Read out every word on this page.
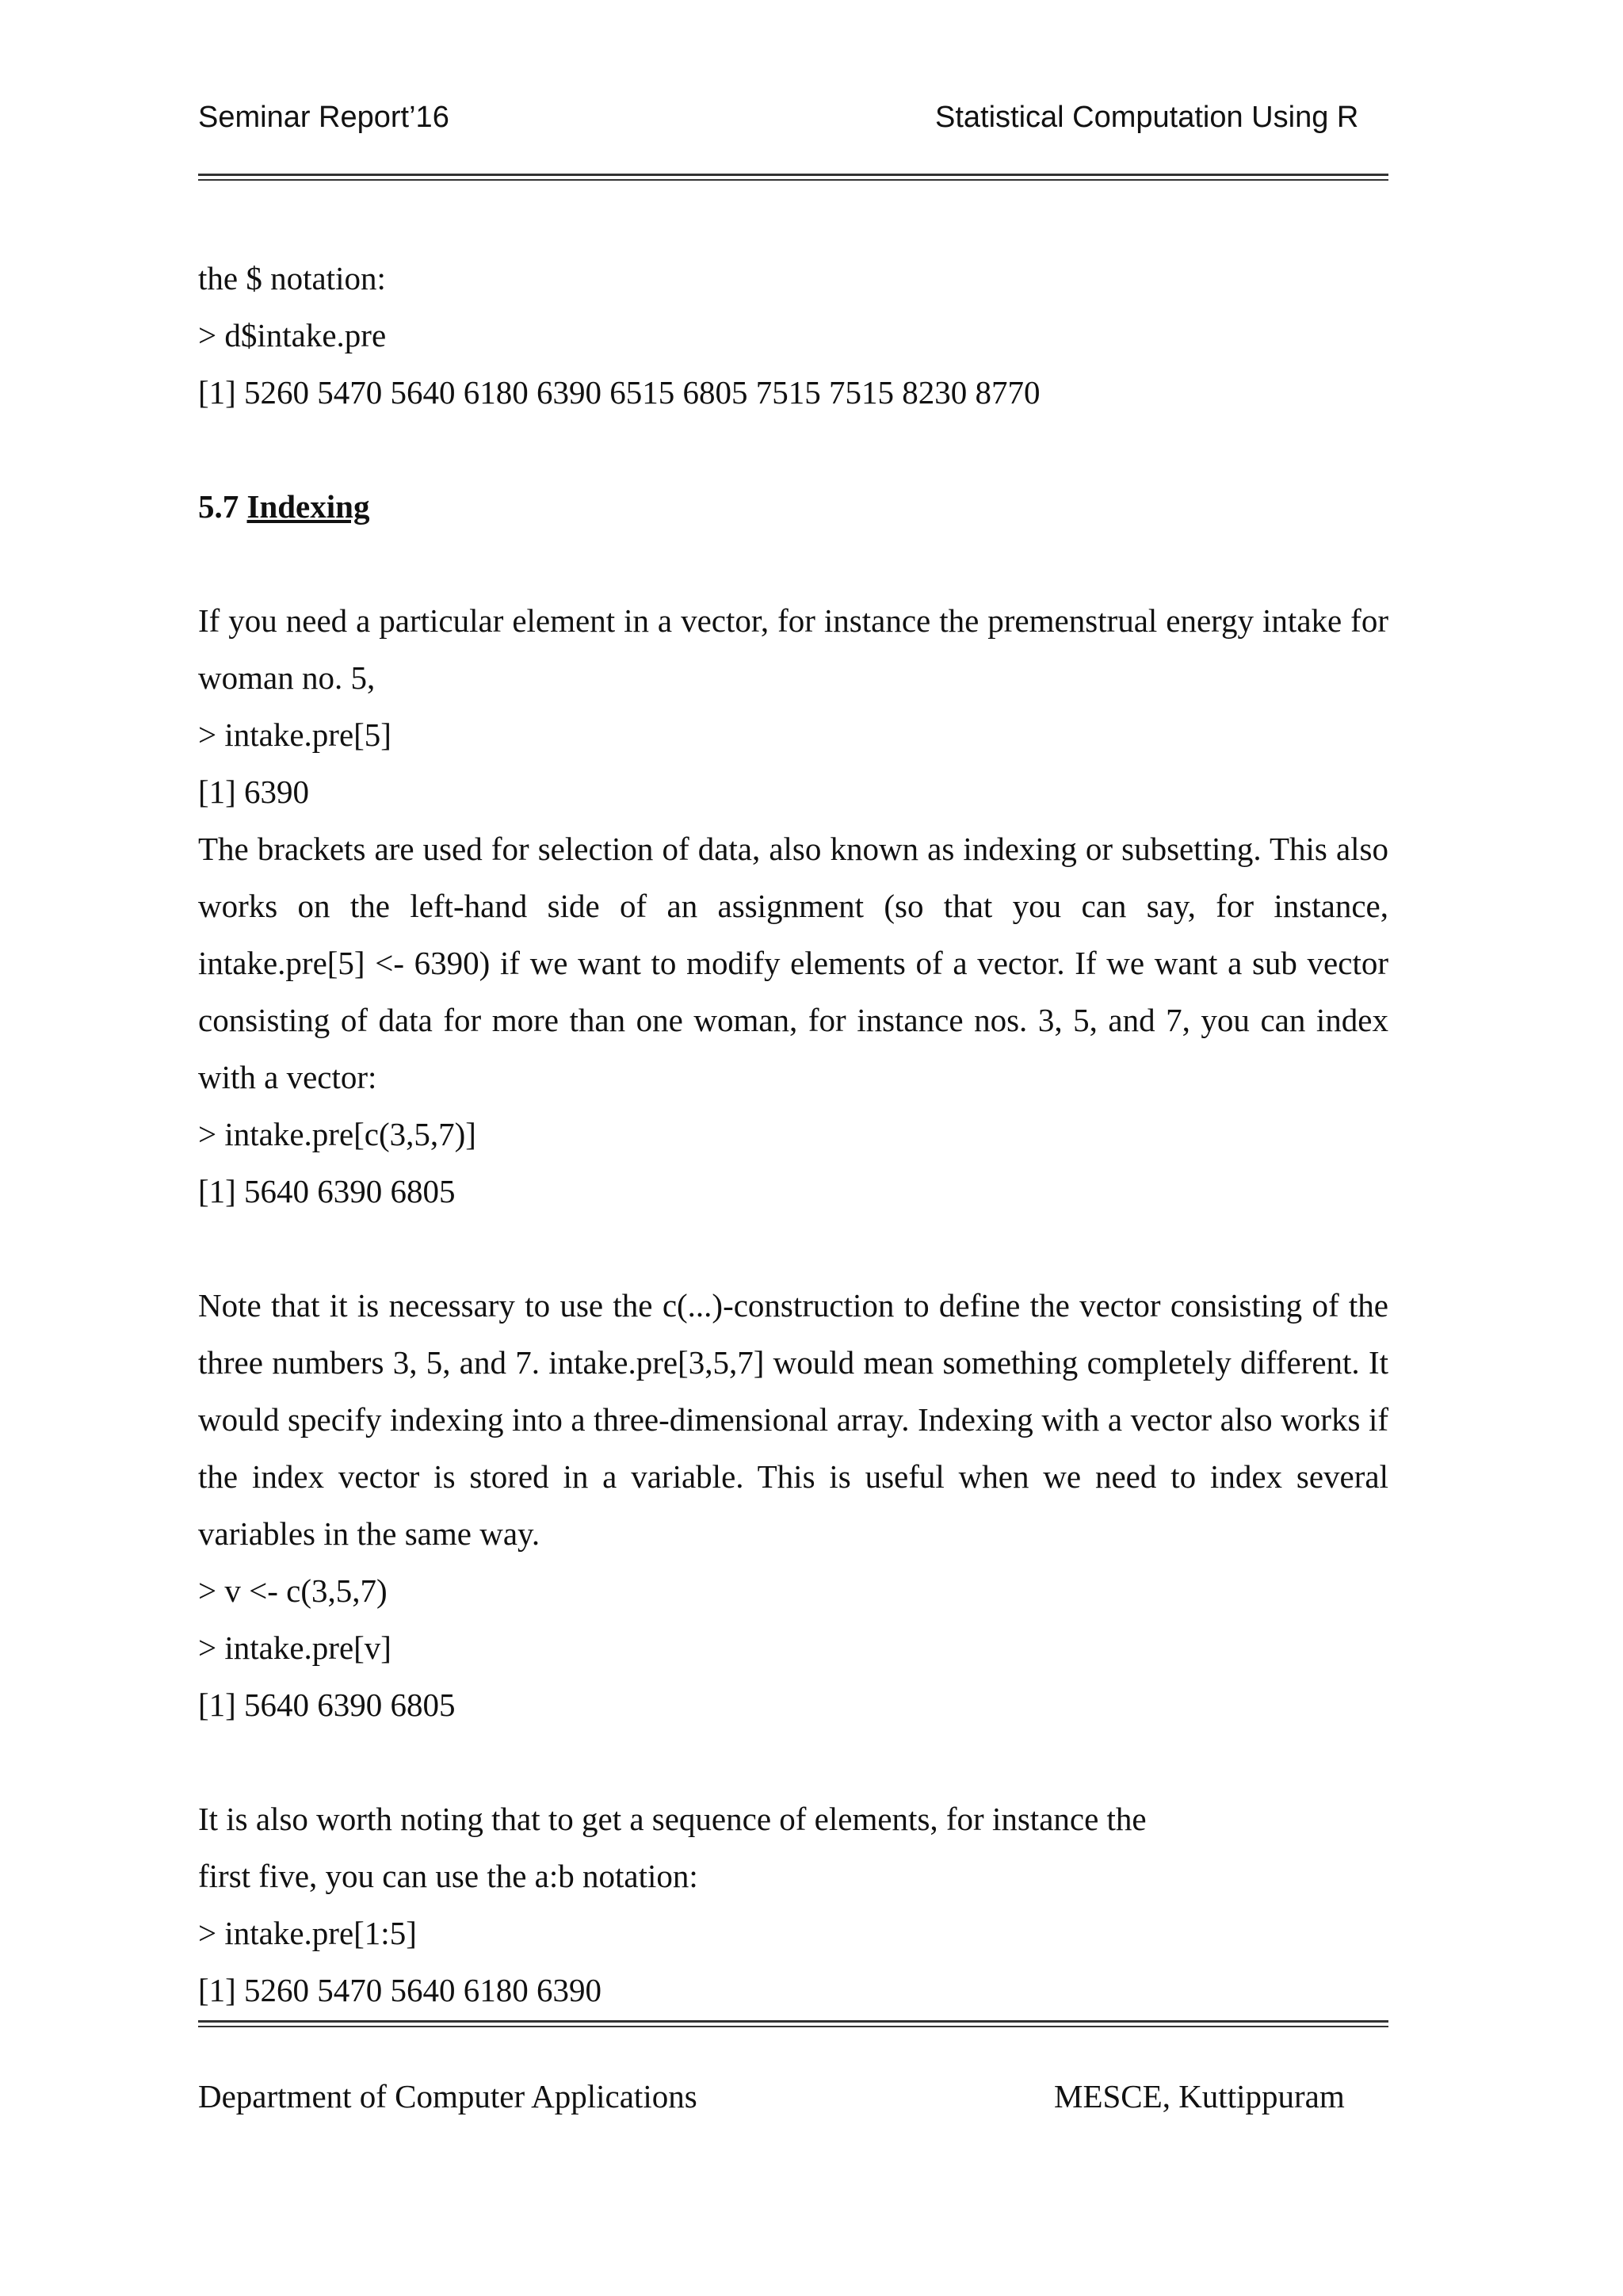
Seminar Report’16	Statistical Computation Using R

the $ notation:

> d$intake.pre

[1] 5260 5470 5640 6180 6390 6515 6805 7515 7515 8230 8770

5.7 Indexing

If you need a particular element in a vector, for instance the premenstrual energy intake for woman no. 5,

> intake.pre[5]

[1] 6390

The brackets are used for selection of data, also known as indexing or subsetting. This also works on the left-hand side of an assignment (so that you can say, for instance, intake.pre[5] <- 6390) if we want to modify elements of a vector. If we want a sub vector consisting of data for more than one woman, for instance nos. 3, 5, and 7, you can index with a vector:

> intake.pre[c(3,5,7)]

[1] 5640 6390 6805

Note that it is necessary to use the c(...)-construction to define the vector consisting of the three numbers 3, 5, and 7. intake.pre[3,5,7] would mean something completely different. It would specify indexing into a three-dimensional array. Indexing with a vector also works if the index vector is stored in a variable. This is useful when we need to index several variables in the same way.

> v <- c(3,5,7)

> intake.pre[v]

[1] 5640 6390 6805

It is also worth noting that to get a sequence of elements, for instance the

first five, you can use the a:b notation:

> intake.pre[1:5]

[1] 5260 5470 5640 6180 6390

Department of Computer Applications	MESCE, Kuttippuram
